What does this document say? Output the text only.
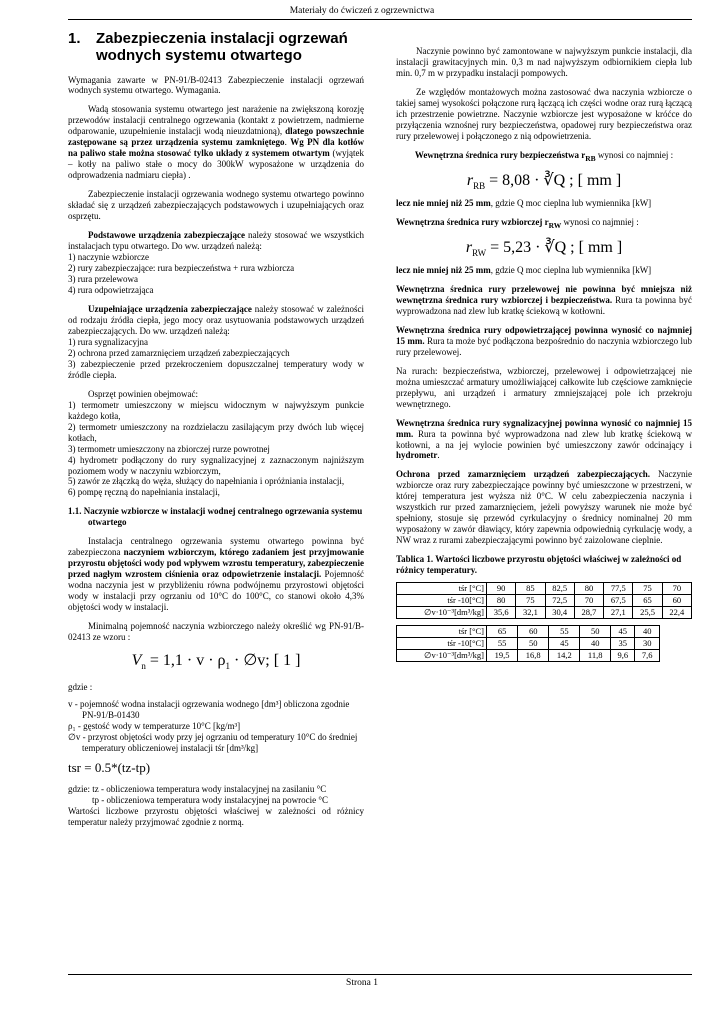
Materiały do ćwiczeń z ogrzewnictwa
1. Zabezpieczenia instalacji ogrzewań wodnych systemu otwartego

Wymagania zawarte w PN-91/B-02413 Zabezpieczenie instalacji ogrzewań wodnych systemu otwartego. Wymagania.

Wadą stosowania systemu otwartego jest narażenie na zwiększoną korozję przewodów instalacji centralnego ogrzewania (kontakt z powietrzem, nadmierne odparowanie, uzupełnienie instalacji wodą nieuzdatnioną), dlatego powszechnie zastępowane są przez urządzenia systemu zamkniętego. Wg PN dla kotłów na paliwo stałe można stosować tylko układy z systemem otwartym (wyjątek – kotły na paliwo stałe o mocy do 300kW wyposażone w urządzenia do odprowadzenia nadmiaru ciepła) .

Zabezpieczenie instalacji ogrzewania wodnego systemu otwartego powinno składać się z urządzeń zabezpieczających podstawowych i uzupełniających oraz osprzętu.

Podstawowe urządzenia zabezpieczające należy stosować we wszystkich instalacjach typu otwartego. Do ww. urządzeń należą:

1) naczynie wzbiorcze
2) rury zabezpieczające: rura bezpieczeństwa + rura wzbiorcza
3) rura przelewowa
4) rura odpowietrzająca

Uzupełniające urządzenia zabezpieczające należy stosować w zależności od rodzaju źródła ciepła, jego mocy oraz usytuowania podstawowych urządzeń zabezpieczających. Do ww. urządzeń należą:

1) rura sygnalizacyjna
2) ochrona przed zamarznięciem urządzeń zabezpieczających
3) zabezpieczenie przed przekroczeniem dopuszczalnej temperatury wody w źródle ciepła.

Osprzęt powinien obejmować:

1) termometr umieszczony w miejscu widocznym w najwyższym punkcie każdego kotła,
2) termometr umieszczony na rozdzielaczu zasilającym przy dwóch lub więcej kotłach,
3) termometr umieszczony na zbiorczej rurze powrotnej
4) hydrometr podłączony do rury sygnalizacyjnej z zaznaczonym najniższym poziomem wody w naczyniu wzbiorczym,
5) zawór ze złączką do węża, służący do napełniania i opróżniania instalacji,
6) pompę ręczną do napełniania instalacji,
1.1. Naczynie wzbiorcze w instalacji wodnej centralnego ogrzewania systemu otwartego

Instalacja centralnego ogrzewania systemu otwartego powinna być zabezpieczona naczyniem wzbiorczym, którego zadaniem jest przyjmowanie przyrostu objętości wody pod wpływem wzrostu temperatury, zabezpieczenie przed nagłym wzrostem ciśnienia oraz odpowietrzenie instalacji. Pojemność wodna naczynia jest w przybliżeniu równa podwójnemu przyrostowi objętości wody w instalacji przy ogrzaniu od 10°C do 100°C, co stanowi około 4,3% objętości wody w instalacji.

Minimalną pojemność naczynia wzbiorczego należy określić wg PN-91/B-02413 ze wzoru :

$V_n = 1,1 \cdot v \cdot \rho_1$ · ∅v; [ 1 ]

gdzie :

v - pojemność wodna instalacji ogrzewania wodnego [dm³] obliczona zgodnie PN-91/B-01430

ρ₁ - gęstość wody w temperaturze 10°C [kg/m³]

∅v - przyrost objętości wody przy jej ogrzaniu od temperatury 10°C do średniej temperatury obliczeniowej instalacji tśr [dm³/kg]

tsr = 0.5*(tz-tp)

gdzie: tz - obliczeniowa temperatura wody instalacyjnej na zasilaniu °C

tp - obliczeniowa temperatura wody instalacyjnej na powrocie °C

Wartości liczbowe przyrostu objętości właściwej w zależności od różnicy temperatur należy przyjmować zgodnie z normą.

Naczynie powinno być zamontowane w najwyższym punkcie instalacji, dla instalacji grawitacyjnych min. 0,3 m nad najwyższym odbiornikiem ciepła lub min. 0,7 m w przypadku instalacji pompowych.

Ze względów montażowych można zastosować dwa naczynia wzbiorcze o takiej samej wysokości połączone rurą łączącą ich części wodne oraz rurą łączącą ich przestrzenie powietrzne. Naczynie wzbiorcze jest wyposażone w króćce do przyłączenia wznośnej rury bezpieczeństwa, opadowej rury bezpieczeństwa oraz rury przelewowej i połączonego z nią odpowietrzenia.

Wewnętrzna średnica rury bezpieczeństwa $r_{RB}$ wynosi co najmniej :

$r_{RB} = 8,08$ · ∛Q ; [ mm ]

lecz nie mniej niż 25 mm, gdzie Q moc cieplna lub wymiennika [kW]

Wewnętrzna średnica rury wzbiorczej $r_{RW}$ wynosi co najmniej :

$r_{RW} = 5,23$ · ∛Q ; [ mm ]

lecz nie mniej niż 25 mm, gdzie Q moc cieplna lub wymiennika [kW]

Wewnętrzna średnica rury przelewowej nie powinna być mniejsza niż wewnętrzna średnica rury wzbiorczej i bezpieczeństwa. Rura ta powinna być wyprowadzona nad zlew lub kratkę ściekową w kotłowni.

Wewnętrzna średnica rury odpowietrzającej powinna wynosić co najmniej 15 mm. Rura ta może być podłączona bezpośrednio do naczynia wzbiorczego lub rury przelewowej.

Na rurach: bezpieczeństwa, wzbiorczej, przelewowej i odpowietrzającej nie można umieszczać armatury umożliwiającej całkowite lub częściowe zamknięcie przepływu, ani urządzeń i armatury zmniejszającej pole ich przekroju wewnętrznego.

Wewnętrzna średnica rury sygnalizacyjnej powinna wynosić co najmniej 15 mm. Rura ta powinna być wyprowadzona nad zlew lub kratkę ściekową w kotłowni, a na jej wylocie powinien być umieszczony zawór odcinający i hydrometr.

Ochrona przed zamarznięciem urządzeń zabezpieczających. Naczynie wzbiorcze oraz rury zabezpieczające powinny być umieszczone w przestrzeni, w której temperatura jest wyższa niż 0°C. W celu zabezpieczenia naczynia i wszystkich rur przed zamarznięciem, jeżeli powyższy warunek nie może być spełniony, stosuje się przewód cyrkulacyjny o średnicy nominalnej 20 mm wyposażony w zawór dławiący, który zapewnia odpowiednią cyrkulację wody, a NW wraz z rurami zabezpieczającymi powinno być zaizolowane cieplnie.

Tablica 1. Wartości liczbowe przyrostu objętości właściwej w zależności od różnicy temperatury.
tśr [°C]	90	85	82,5	80	77,5	75	70
tśr -10[°C]	80	75	72,5	70	67,5	65	60
∅v·10⁻³[dm³/kg]	35,6	32,1	30,4	28,7	27,1	25,5	22,4
tśr [°C]	65	60	55	50	45	40
tśr -10[°C]	55	50	45	40	35	30
∅v·10⁻³[dm³/kg]	19,5	16,8	14,2	11,8	9,6	7,6
Strona 1
